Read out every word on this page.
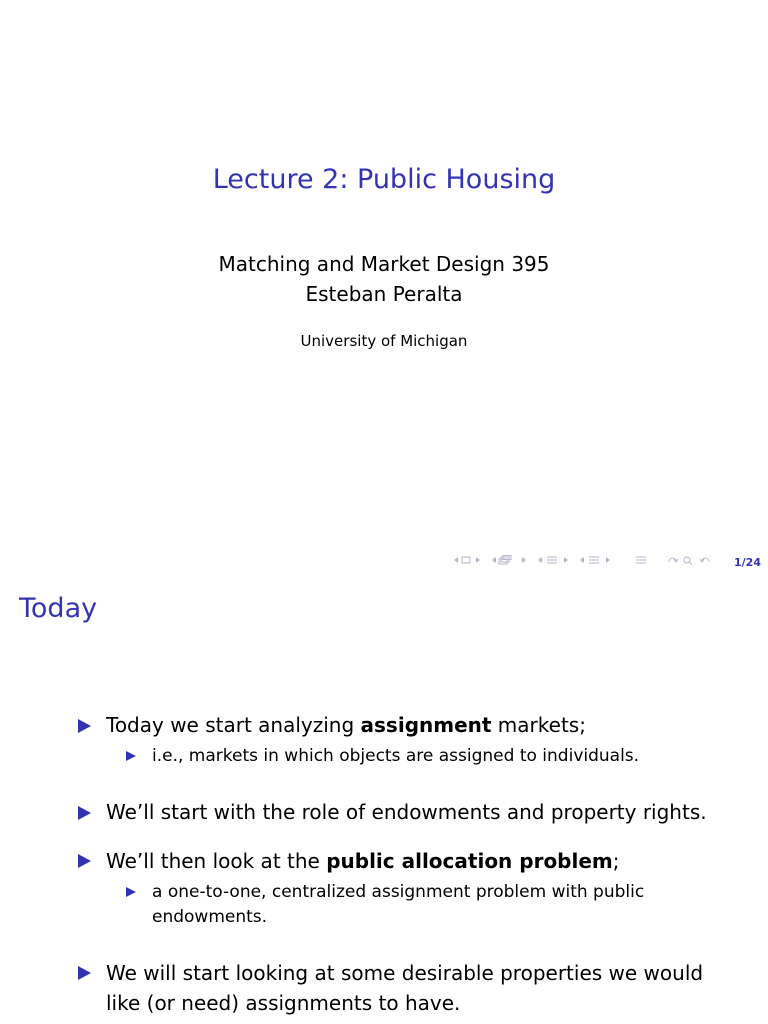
Lecture 2: Public Housing
Matching and Market Design 395
Esteban Peralta
University of Michigan
1/24
Today
Today we start analyzing assignment markets;
i.e., markets in which objects are assigned to individuals.
We’ll start with the role of endowments and property rights.
We’ll then look at the public allocation problem;
a one-to-one, centralized assignment problem with public
endowments.
We will start looking at some desirable properties we would
like (or need) assignments to have.
